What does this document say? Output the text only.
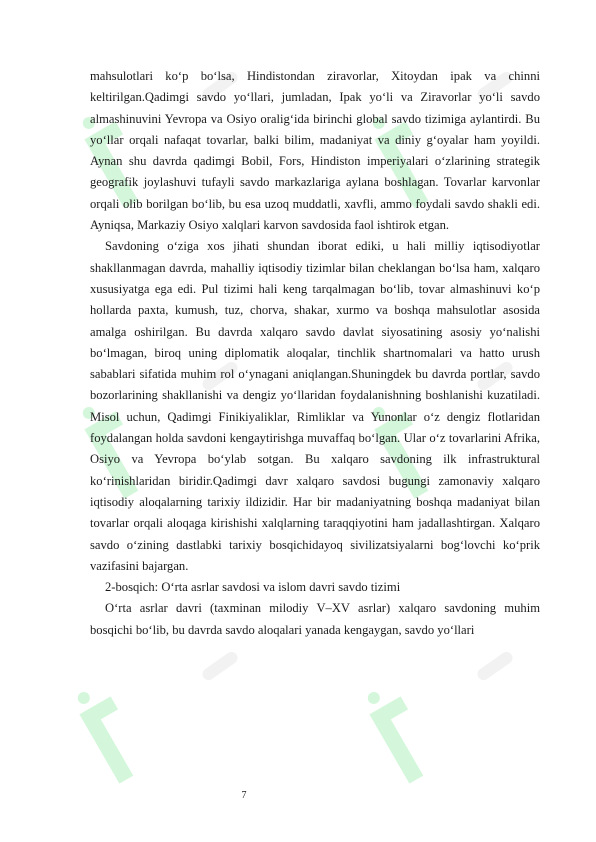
mahsulotlari ko‘p bo‘lsa, Hindistondan ziravorlar, Xitoydan ipak va chinni keltirilgan.Qadimgi savdo yo‘llari, jumladan, Ipak yo‘li va Ziravorlar yo‘li savdo almashinuvini Yevropa va Osiyo oralig‘ida birinchi global savdo tizimiga aylantirdi. Bu yo‘llar orqali nafaqat tovarlar, balki bilim, madaniyat va diniy g‘oyalar ham yoyildi. Aynan shu davrda qadimgi Bobil, Fors, Hindiston imperiyalari o‘zlarining strategik geografik joylashuvi tufayli savdo markazlariga aylana boshlagan. Tovarlar karvonlar orqali olib borilgan bo‘lib, bu esa uzoq muddatli, xavfli, ammo foydali savdo shakli edi. Ayniqsa, Markaziy Osiyo xalqlari karvon savdosida faol ishtirok etgan.

Savdoning o‘ziga xos jihati shundan iborat ediki, u hali milliy iqtisodiyotlar shakllanmagan davrda, mahalliy iqtisodiy tizimlar bilan cheklangan bo‘lsa ham, xalqaro xususiyatga ega edi. Pul tizimi hali keng tarqalmagan bo‘lib, tovar almashinuvi ko‘p hollarda paxta, kumush, tuz, chorva, shakar, xurmo va boshqa mahsulotlar asosida amalga oshirilgan. Bu davrda xalqaro savdo davlat siyosatining asosiy yo‘nalishi bo‘lmagan, biroq uning diplomatik aloqalar, tinchlik shartnomalari va hatto urush sabablari sifatida muhim rol o‘ynagani aniqlangan.Shuningdek bu davrda portlar, savdo bozorlarining shakllanishi va dengiz yo‘llaridan foydalanishning boshlanishi kuzatiladi. Misol uchun, Qadimgi Finikiyaliklar, Rimliklar va Yunonlar o‘z dengiz flotlaridan foydalangan holda savdoni kengaytirishga muvaffaq bo‘lgan. Ular o‘z tovarlarini Afrika, Osiyo va Yevropa bo‘ylab sotgan. Bu xalqaro savdoning ilk infrastruktural ko‘rinishlaridan biridir.Qadimgi davr xalqaro savdosi bugungi zamonaviy xalqaro iqtisodiy aloqalarning tarixiy ildizidir. Har bir madaniyatning boshqa madaniyat bilan tovarlar orqali aloqaga kirishishi xalqlarning taraqqiyotini ham jadallashtirgan. Xalqaro savdo o‘zining dastlabki tarixiy bosqichidayoq sivilizatsiyalarni bog‘lovchi ko‘prik vazifasini bajargan.

2-bosqich: O‘rta asrlar savdosi va islom davri savdo tizimi

O‘rta asrlar davri (taxminan milodiy V–XV asrlar) xalqaro savdoning muhim bosqichi bo‘lib, bu davrda savdo aloqalari yanada kengaygan, savdo yo‘llari

7
